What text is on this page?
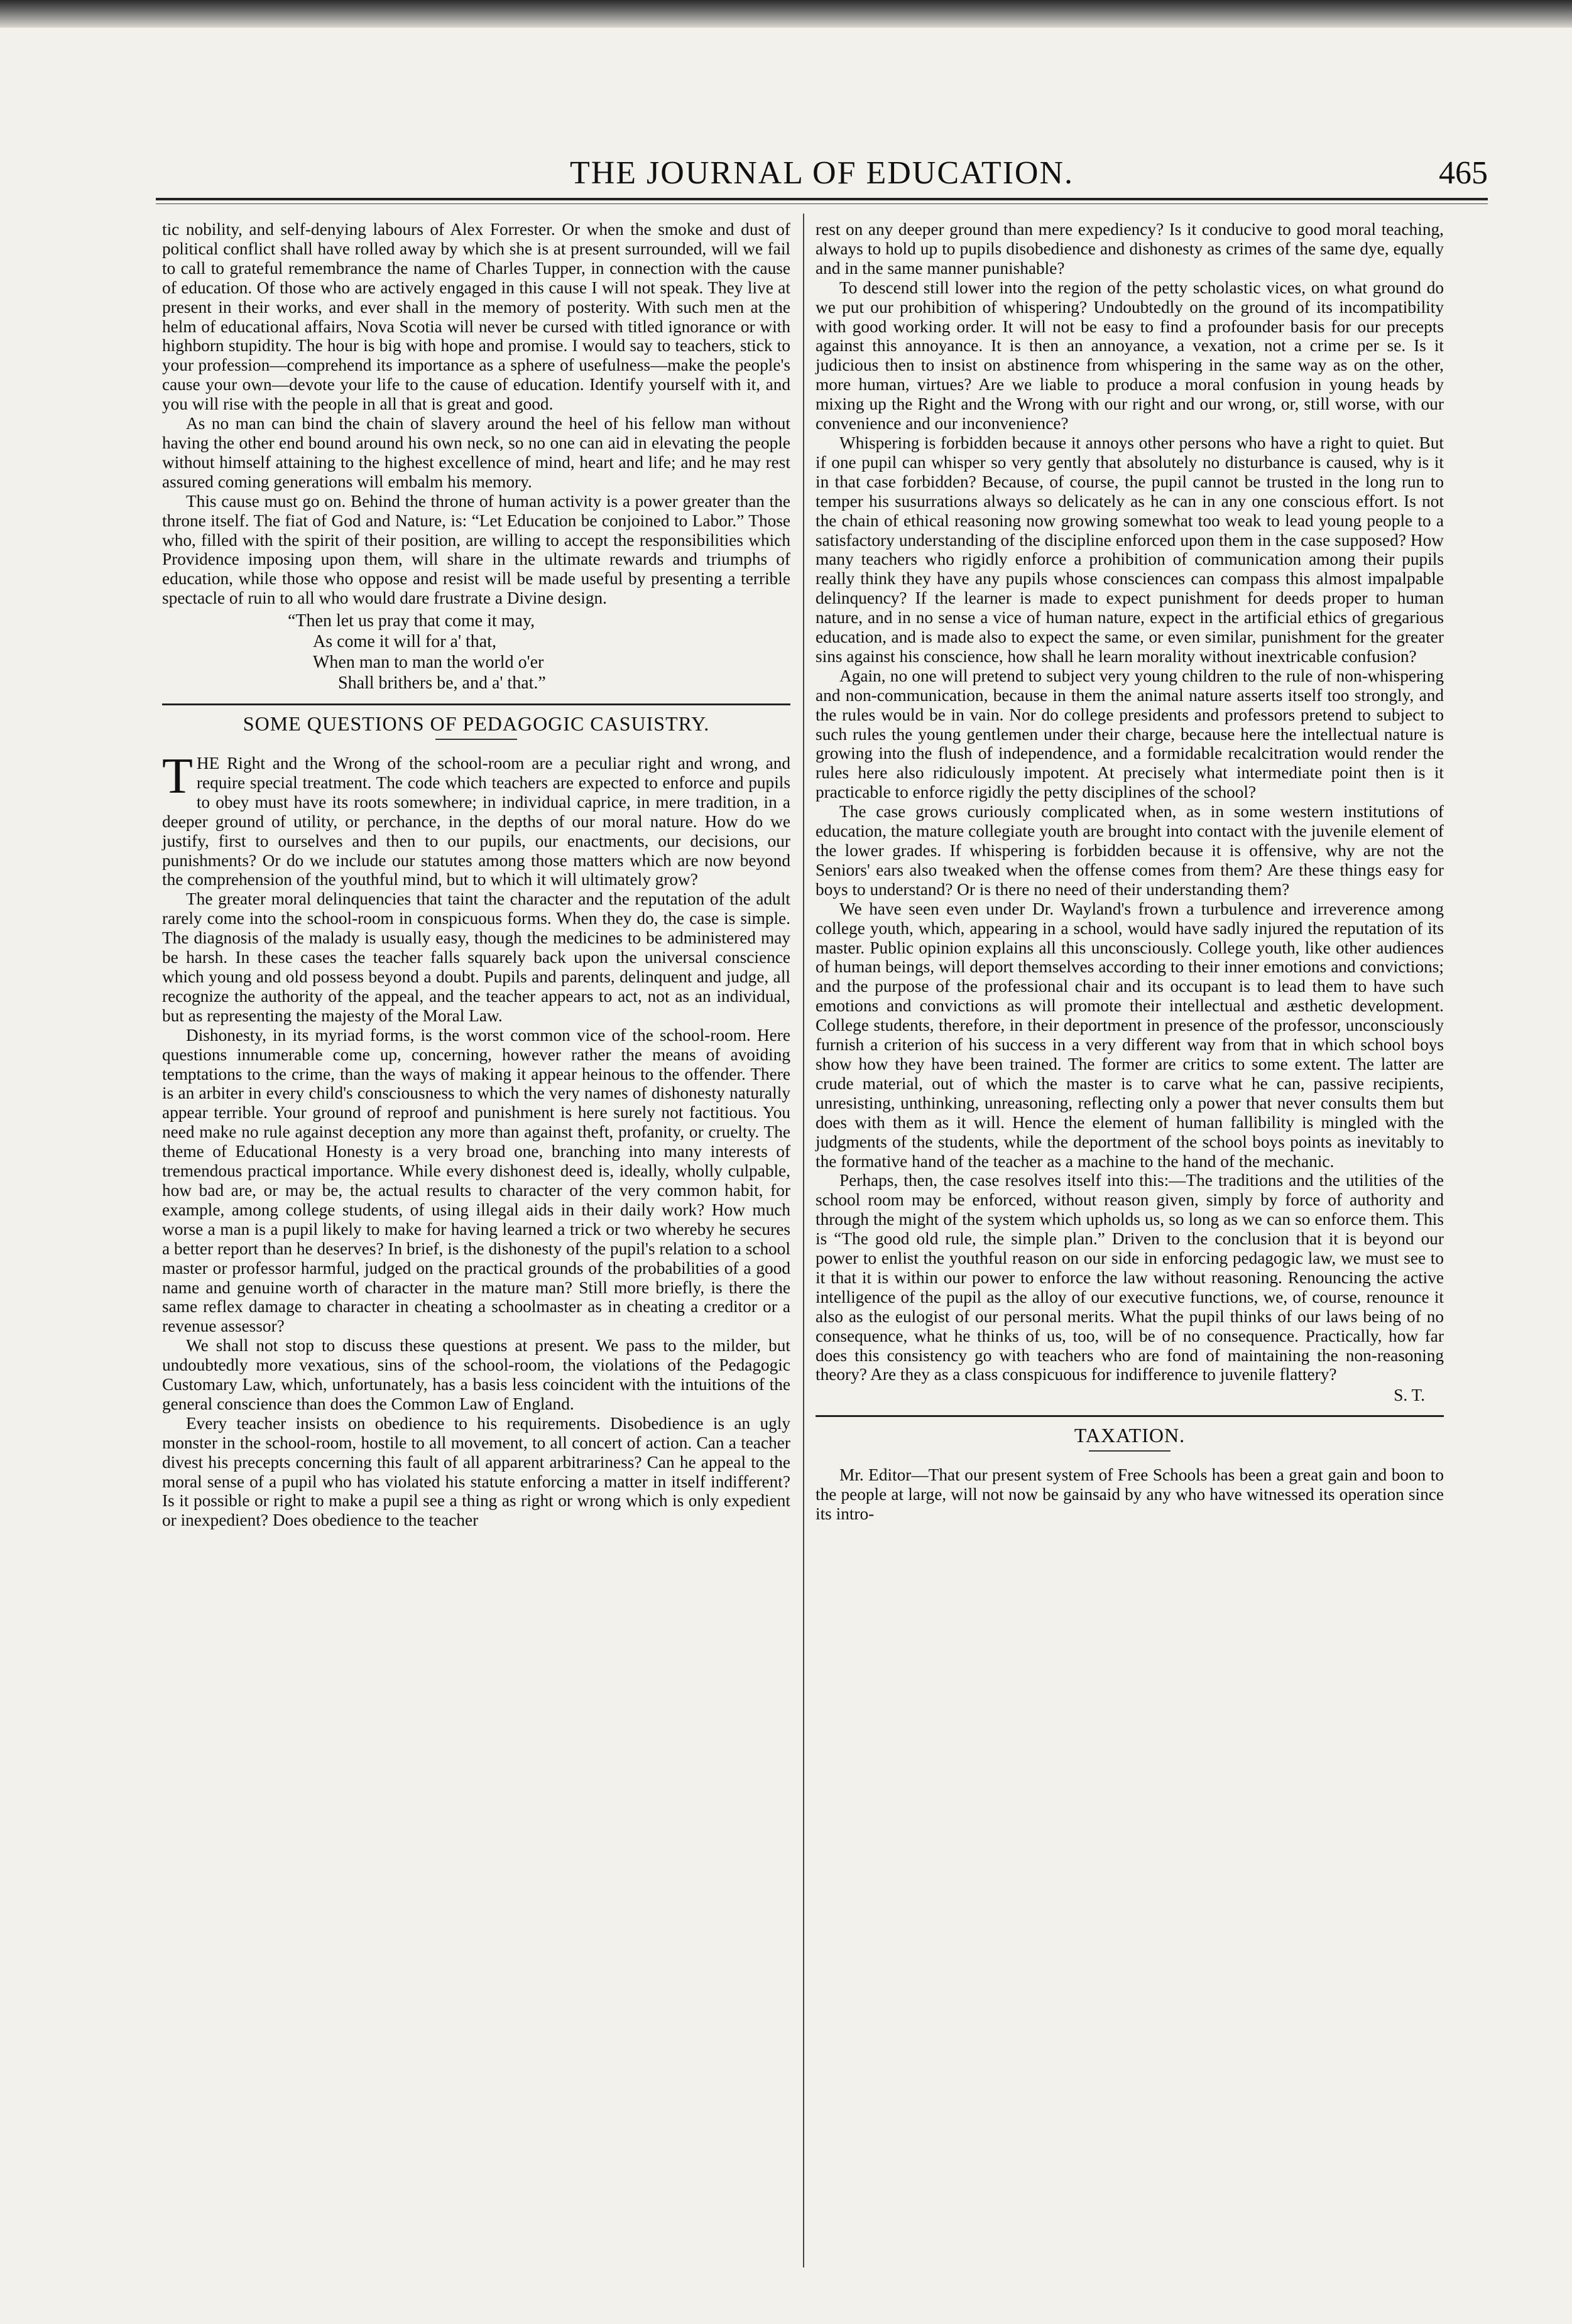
THE JOURNAL OF EDUCATION.	465

tic nobility, and self-denying labours of Alex Forrester. Or when the smoke and dust of political conflict shall have rolled away by which she is at present surrounded, will we fail to call to grateful remembrance the name of Charles Tupper, in connection with the cause of education. Of those who are actively engaged in this cause I will not speak. They live at present in their works, and ever shall in the memory of posterity. With such men at the helm of educational affairs, Nova Scotia will never be cursed with titled ignorance or with highborn stupidity. The hour is big with hope and promise. I would say to teachers, stick to your profession—comprehend its importance as a sphere of usefulness—make the people's cause your own—devote your life to the cause of education. Identify yourself with it, and you will rise with the people in all that is great and good.

As no man can bind the chain of slavery around the heel of his fellow man without having the other end bound around his own neck, so no one can aid in elevating the people without himself attaining to the highest excellence of mind, heart and life; and he may rest assured coming generations will embalm his memory.

This cause must go on. Behind the throne of human activity is a power greater than the throne itself. The fiat of God and Nature, is: “Let Education be conjoined to Labor.” Those who, filled with the spirit of their position, are willing to accept the responsibilities which Providence imposing upon them, will share in the ultimate rewards and triumphs of education, while those who oppose and resist will be made useful by presenting a terrible spectacle of ruin to all who would dare frustrate a Divine design.

“Then let us pray that come it may,
As come it will for a' that,
When man to man the world o'er
Shall brithers be, and a' that.”
SOME QUESTIONS OF PEDAGOGIC CASUISTRY.

THE Right and the Wrong of the school-room are a peculiar right and wrong, and require special treatment. The code which teachers are expected to enforce and pupils to obey must have its roots somewhere; in individual caprice, in mere tradition, in a deeper ground of utility, or perchance, in the depths of our moral nature. How do we justify, first to ourselves and then to our pupils, our enactments, our decisions, our punishments? Or do we include our statutes among those matters which are now beyond the comprehension of the youthful mind, but to which it will ultimately grow?

The greater moral delinquencies that taint the character and the reputation of the adult rarely come into the school-room in conspicuous forms. When they do, the case is simple. The diagnosis of the malady is usually easy, though the medicines to be administered may be harsh. In these cases the teacher falls squarely back upon the universal conscience which young and old possess beyond a doubt. Pupils and parents, delinquent and judge, all recognize the authority of the appeal, and the teacher appears to act, not as an individual, but as representing the majesty of the Moral Law.

Dishonesty, in its myriad forms, is the worst common vice of the school-room. Here questions innumerable come up, concerning, however rather the means of avoiding temptations to the crime, than the ways of making it appear heinous to the offender. There is an arbiter in every child's consciousness to which the very names of dishonesty naturally appear terrible. Your ground of reproof and punishment is here surely not factitious. You need make no rule against deception any more than against theft, profanity, or cruelty. The theme of Educational Honesty is a very broad one, branching into many interests of tremendous practical importance. While every dishonest deed is, ideally, wholly culpable, how bad are, or may be, the actual results to character of the very common habit, for example, among college students, of using illegal aids in their daily work? How much worse a man is a pupil likely to make for having learned a trick or two whereby he secures a better report than he deserves? In brief, is the dishonesty of the pupil's relation to a school master or professor harmful, judged on the practical grounds of the probabilities of a good name and genuine worth of character in the mature man? Still more briefly, is there the same reflex damage to character in cheating a schoolmaster as in cheating a creditor or a revenue assessor?

We shall not stop to discuss these questions at present. We pass to the milder, but undoubtedly more vexatious, sins of the school-room, the violations of the Pedagogic Customary Law, which, unfortunately, has a basis less coincident with the intuitions of the general conscience than does the Common Law of England.

Every teacher insists on obedience to his requirements. Disobedience is an ugly monster in the school-room, hostile to all movement, to all concert of action. Can a teacher divest his precepts concerning this fault of all apparent arbitrariness? Can he appeal to the moral sense of a pupil who has violated his statute enforcing a matter in itself indifferent? Is it possible or right to make a pupil see a thing as right or wrong which is only expedient or inexpedient? Does obedience to the teacher

rest on any deeper ground than mere expediency? Is it conducive to good moral teaching, always to hold up to pupils disobedience and dishonesty as crimes of the same dye, equally and in the same manner punishable?

To descend still lower into the region of the petty scholastic vices, on what ground do we put our prohibition of whispering? Undoubtedly on the ground of its incompatibility with good working order. It will not be easy to find a profounder basis for our precepts against this annoyance. It is then an annoyance, a vexation, not a crime per se. Is it judicious then to insist on abstinence from whispering in the same way as on the other, more human, virtues? Are we liable to produce a moral confusion in young heads by mixing up the Right and the Wrong with our right and our wrong, or, still worse, with our convenience and our inconvenience?

Whispering is forbidden because it annoys other persons who have a right to quiet. But if one pupil can whisper so very gently that absolutely no disturbance is caused, why is it in that case forbidden? Because, of course, the pupil cannot be trusted in the long run to temper his susurrations always so delicately as he can in any one conscious effort. Is not the chain of ethical reasoning now growing somewhat too weak to lead young people to a satisfactory understanding of the discipline enforced upon them in the case supposed? How many teachers who rigidly enforce a prohibition of communication among their pupils really think they have any pupils whose consciences can compass this almost impalpable delinquency? If the learner is made to expect punishment for deeds proper to human nature, and in no sense a vice of human nature, expect in the artificial ethics of gregarious education, and is made also to expect the same, or even similar, punishment for the greater sins against his conscience, how shall he learn morality without inextricable confusion?

Again, no one will pretend to subject very young children to the rule of non-whispering and non-communication, because in them the animal nature asserts itself too strongly, and the rules would be in vain. Nor do college presidents and professors pretend to subject to such rules the young gentlemen under their charge, because here the intellectual nature is growing into the flush of independence, and a formidable recalcitration would render the rules here also ridiculously impotent. At precisely what intermediate point then is it practicable to enforce rigidly the petty disciplines of the school?

The case grows curiously complicated when, as in some western institutions of education, the mature collegiate youth are brought into contact with the juvenile element of the lower grades. If whispering is forbidden because it is offensive, why are not the Seniors' ears also tweaked when the offense comes from them? Are these things easy for boys to understand? Or is there no need of their understanding them?

We have seen even under Dr. Wayland's frown a turbulence and irreverence among college youth, which, appearing in a school, would have sadly injured the reputation of its master. Public opinion explains all this unconsciously. College youth, like other audiences of human beings, will deport themselves according to their inner emotions and convictions; and the purpose of the professional chair and its occupant is to lead them to have such emotions and convictions as will promote their intellectual and æsthetic development. College students, therefore, in their deportment in presence of the professor, unconsciously furnish a criterion of his success in a very different way from that in which school boys show how they have been trained. The former are critics to some extent. The latter are crude material, out of which the master is to carve what he can, passive recipients, unresisting, unthinking, unreasoning, reflecting only a power that never consults them but does with them as it will. Hence the element of human fallibility is mingled with the judgments of the students, while the deportment of the school boys points as inevitably to the formative hand of the teacher as a machine to the hand of the mechanic.

Perhaps, then, the case resolves itself into this:—The traditions and the utilities of the school room may be enforced, without reason given, simply by force of authority and through the might of the system which upholds us, so long as we can so enforce them. This is “The good old rule, the simple plan.” Driven to the conclusion that it is beyond our power to enlist the youthful reason on our side in enforcing pedagogic law, we must see to it that it is within our power to enforce the law without reasoning. Renouncing the active intelligence of the pupil as the alloy of our executive functions, we, of course, renounce it also as the eulogist of our personal merits. What the pupil thinks of our laws being of no consequence, what he thinks of us, too, will be of no consequence. Practically, how far does this consistency go with teachers who are fond of maintaining the non-reasoning theory? Are they as a class conspicuous for indifference to juvenile flattery?

S. T.
TAXATION.

Mr. Editor—That our present system of Free Schools has been a great gain and boon to the people at large, will not now be gainsaid by any who have witnessed its operation since its intro-
